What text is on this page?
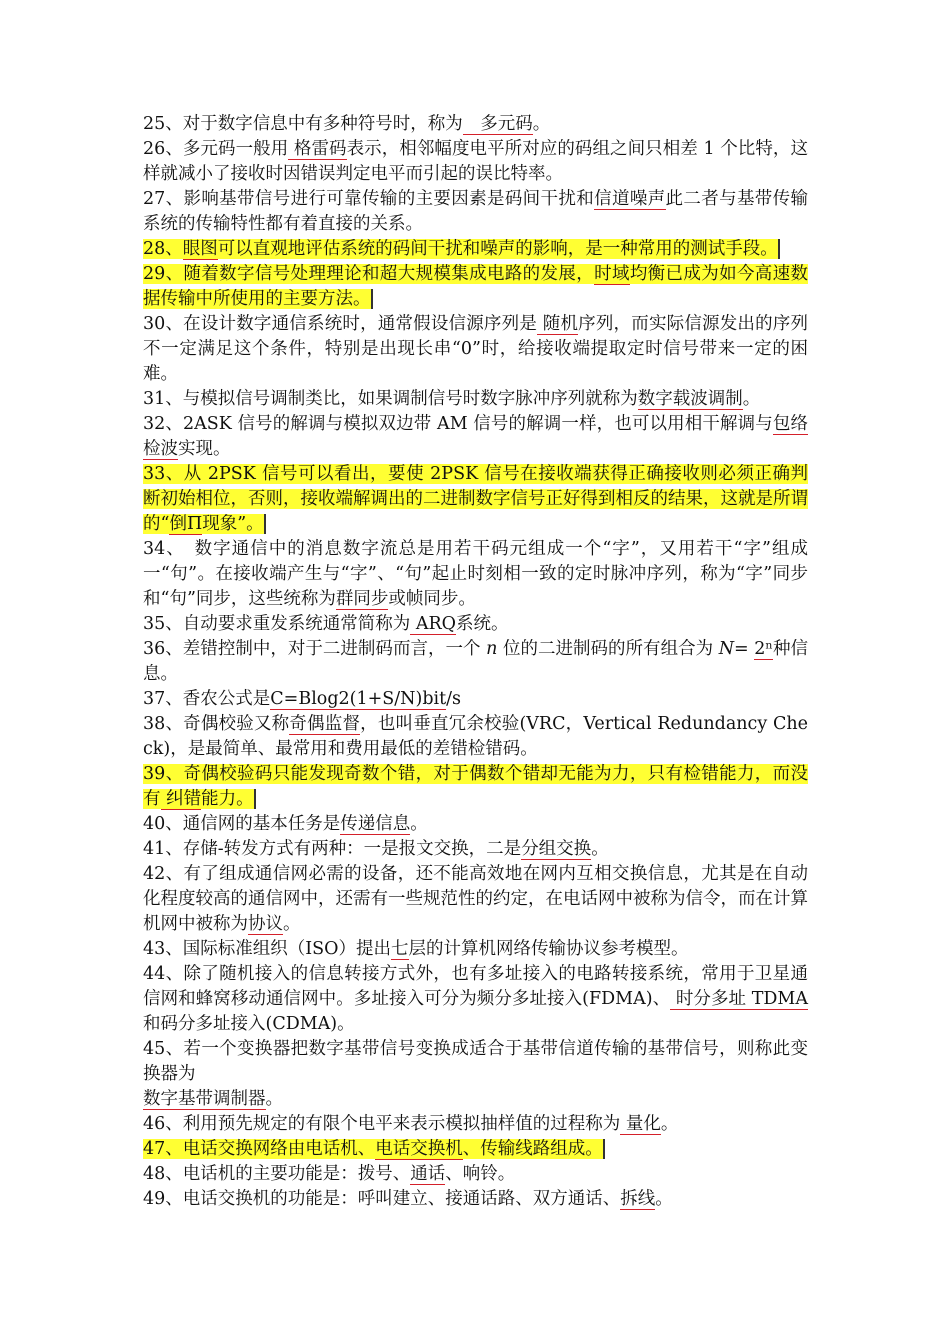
25、对于数字信息中有多种符号时，称为　多元码。

26、多元码一般用 格雷码表示，相邻幅度电平所对应的码组之间只相差 1 个比特，这样就减小了接收时因错误判定电平而引起的误比特率。

27、影响基带信号进行可靠传输的主要因素是码间干扰和信道噪声此二者与基带传输系统的传输特性都有着直接的关系。

28、眼图可以直观地评估系统的码间干扰和噪声的影响，是一种常用的测试手段。

29、随着数字信号处理理论和超大规模集成电路的发展，时域均衡已成为如今高速数据传输中所使用的主要方法。

30、在设计数字通信系统时，通常假设信源序列是 随机序列，而实际信源发出的序列不一定满足这个条件，特别是出现长串“0”时，给接收端提取定时信号带来一定的困难。

31、与模拟信号调制类比，如果调制信号时数字脉冲序列就称为数字载波调制。

32、2ASK 信号的解调与模拟双边带 AM 信号的解调一样，也可以用相干解调与包络检波实现。

33、从 2PSK 信号可以看出，要使 2PSK 信号在接收端获得正确接收则必须正确判断初始相位，否则，接收端解调出的二进制数字信号正好得到相反的结果，这就是所谓的“倒Π现象”。

34、　数字通信中的消息数字流总是用若干码元组成一个“字”，又用若干“字”组成一“句”。在接收端产生与“字”、“句”起止时刻相一致的定时脉冲序列，称为“字”同步和“句”同步，这些统称为群同步或帧同步。

35、自动要求重发系统通常简称为 ARQ系统。

36、差错控制中，对于二进制码而言，一个 n 位的二进制码的所有组合为 N= 2ⁿ种信息。

37、香农公式是C=Blog2(1+S/N)bit/s

38、奇偶校验又称奇偶监督，也叫垂直冗余校验(VRC，Vertical Redundancy Check)，是最简单、最常用和费用最低的差错检错码。

39、奇偶校验码只能发现奇数个错，对于偶数个错却无能为力，只有检错能力，而没有 纠错能力。

40、通信网的基本任务是传递信息。

41、存储-转发方式有两种：一是报文交换，二是分组交换。

42、有了组成通信网必需的设备，还不能高效地在网内互相交换信息，尤其是在自动化程度较高的通信网中，还需有一些规范性的约定，在电话网中被称为信令，而在计算机网中被称为协议。

43、国际标准组织（ISO）提出七层的计算机网络传输协议参考模型。

44、除了随机接入的信息转接方式外，也有多址接入的电路转接系统，常用于卫星通信网和蜂窝移动通信网中。多址接入可分为频分多址接入(FDMA)、 时分多址 TDMA 和码分多址接入(CDMA)。

45、若一个变换器把数字基带信号变换成适合于基带信道传输的基带信号，则称此变换器为
数字基带调制器。

46、利用预先规定的有限个电平来表示模拟抽样值的过程称为 量化。

47、电话交换网络由电话机、电话交换机、传输线路组成。

48、电话机的主要功能是：拨号、通话、响铃。

49、电话交换机的功能是：呼叫建立、接通话路、双方通话、拆线。
